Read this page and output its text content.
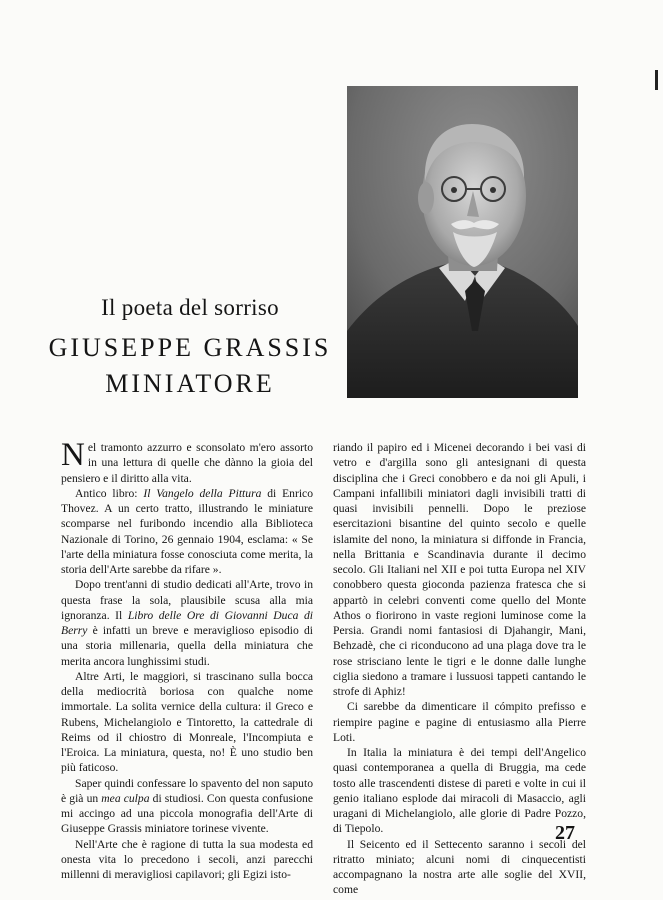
Il poeta del sorriso
GIUSEPPE GRASSIS
MINIATORE

Nel tramonto azzurro e sconsolato m'ero assorto in una lettura di quelle che dànno la gioia del pensiero e il diritto alla vita.

Antico libro: Il Vangelo della Pittura di Enrico Thovez. A un certo tratto, illustrando le miniature scomparse nel furibondo incendio alla Biblioteca Nazionale di Torino, 26 gennaio 1904, esclama: « Se l'arte della miniatura fosse conosciuta come merita, la storia dell'Arte sarebbe da rifare ».

Dopo trent'anni di studio dedicati all'Arte, trovo in questa frase la sola, plausibile scusa alla mia ignoranza. Il Libro delle Ore di Giovanni Duca di Berry è infatti un breve e meraviglioso episodio di una storia millenaria, quella della miniatura che merita ancora lunghissimi studi.

Altre Arti, le maggiori, si trascinano sulla bocca della mediocrità boriosa con qualche nome immortale. La solita vernice della cultura: il Greco e Rubens, Michelangiolo e Tintoretto, la cattedrale di Reims od il chiostro di Monreale, l'Incompiuta e l'Eroica. La miniatura, questa, no! È uno studio ben più faticoso.

Saper quindi confessare lo spavento del non saputo è già un mea culpa di studiosi. Con questa confusione mi accingo ad una piccola monografia dell'Arte di Giuseppe Grassis miniatore torinese vivente.

Nell'Arte che è ragione di tutta la sua modesta ed onesta vita lo precedono i secoli, anzi parecchi millenni di meravigliosi capilavori; gli Egizi isto-

riando il papiro ed i Micenei decorando i bei vasi di vetro e d'argilla sono gli antesignani di questa disciplina che i Greci conobbero e da noi gli Apuli, i Campani infallibili miniatori dagli invisibili tratti di quasi invisibili pennelli. Dopo le preziose esercitazioni bisantine del quinto secolo e quelle islamite del nono, la miniatura si diffonde in Francia, nella Brittania e Scandinavia durante il decimo secolo. Gli Italiani nel XII e poi tutta Europa nel XIV conobbero questa gioconda pazienza fratesca che si appartò in celebri conventi come quello del Monte Athos o fiorirono in vaste regioni luminose come la Persia. Grandi nomi fantasiosi di Djahangir, Mani, Behzadè, che ci riconducono ad una plaga dove tra le rose strisciano lente le tigri e le donne dalle lunghe ciglia siedono a tramare i lussuosi tappeti cantando le strofe di Aphiz!

Ci sarebbe da dimenticare il cómpito prefisso e riempire pagine e pagine di entusiasmo alla Pierre Loti.

In Italia la miniatura è dei tempi dell'Angelico quasi contemporanea a quella di Bruggia, ma cede tosto alle trascendenti distese di pareti e volte in cui il genio italiano esplode dai miracoli di Masaccio, agli uragani di Michelangiolo, alle glorie di Padre Pozzo, di Tiepolo.

Il Seicento ed il Settecento saranno i secoli del ritratto miniato; alcuni nomi di cinquecentisti accompagnano la nostra arte alle soglie del XVII, come

27
